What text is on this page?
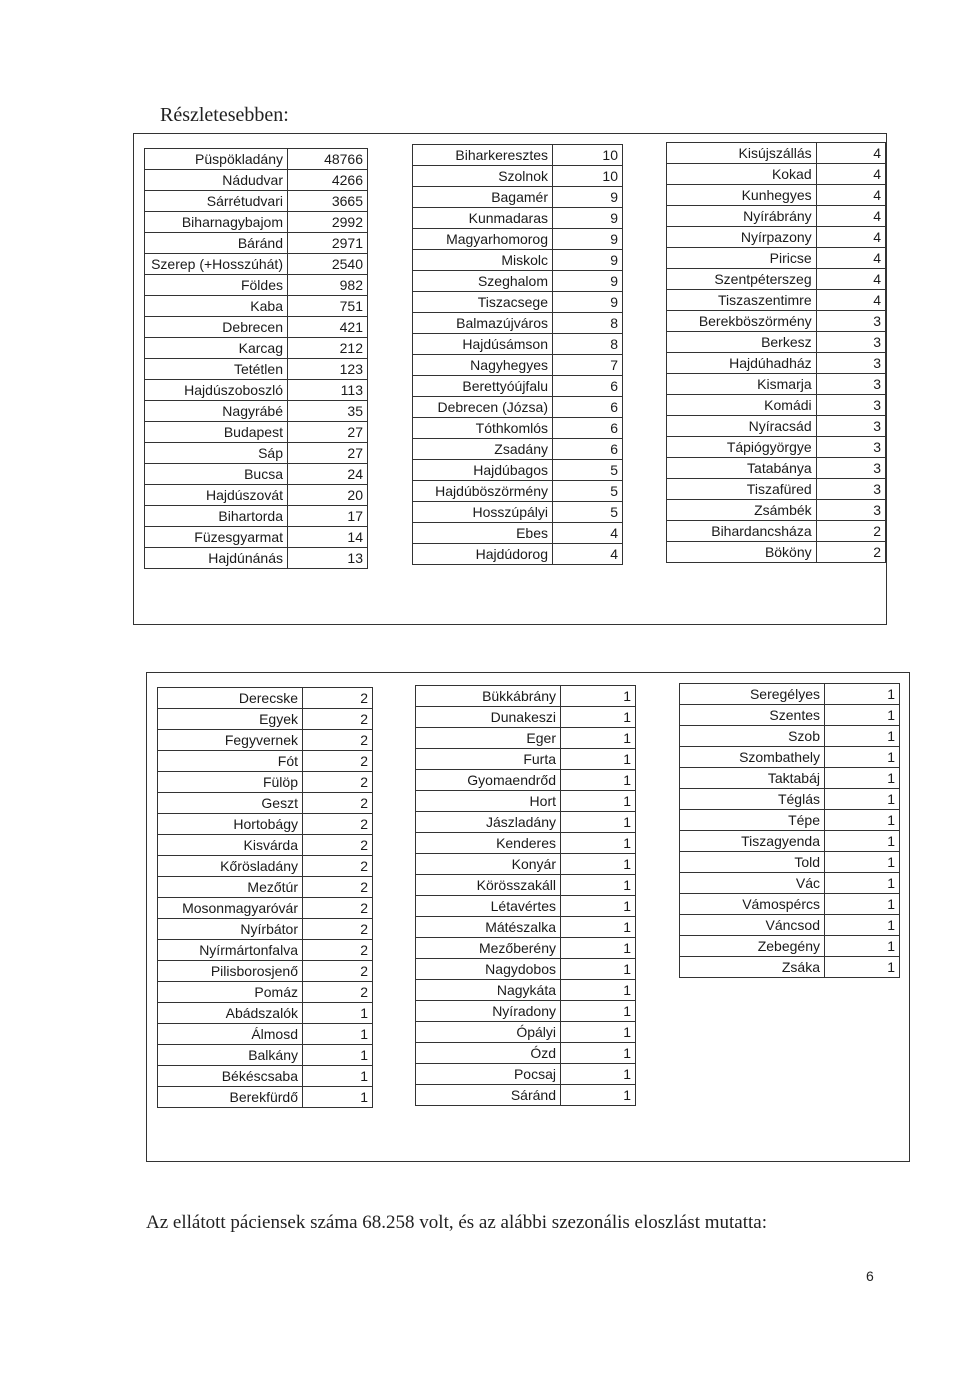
Részletesebben:
Püspökladány	48766
Nádudvar	4266
Sárrétudvari	3665
Biharnagybajom	2992
Báránd	2971
Szerep (+Hosszúhát)	2540
Földes	982
Kaba	751
Debrecen	421
Karcag	212
Tetétlen	123
Hajdúszoboszló	113
Nagyrábé	35
Budapest	27
Sáp	27
Bucsa	24
Hajdúszovát	20
Bihartorda	17
Füzesgyarmat	14
Hajdúnánás	13
Biharkeresztes	10
Szolnok	10
Bagamér	9
Kunmadaras	9
Magyarhomorog	9
Miskolc	9
Szeghalom	9
Tiszacsege	9
Balmazújváros	8
Hajdúsámson	8
Nagyhegyes	7
Berettyóújfalu	6
Debrecen (Józsa)	6
Tóthkomlós	6
Zsadány	6
Hajdúbagos	5
Hajdúböszörmény	5
Hosszúpályi	5
Ebes	4
Hajdúdorog	4
Kisújszállás	4
Kokad	4
Kunhegyes	4
Nyírábrány	4
Nyírpazony	4
Piricse	4
Szentpéterszeg	4
Tiszaszentimre	4
Berekböszörmény	3
Berkesz	3
Hajdúhadház	3
Kismarja	3
Komádi	3
Nyíracsád	3
Tápiógyörgye	3
Tatabánya	3
Tiszafüred	3
Zsámbék	3
Bihardancsháza	2
Bököny	2
Derecske	2
Egyek	2
Fegyvernek	2
Fót	2
Fülöp	2
Geszt	2
Hortobágy	2
Kisvárda	2
Kőrösladány	2
Mezőtúr	2
Mosonmagyaróvár	2
Nyírbátor	2
Nyírmártonfalva	2
Pilisborosjenő	2
Pomáz	2
Abádszalók	1
Álmosd	1
Balkány	1
Békéscsaba	1
Berekfürdő	1
Bükkábrány	1
Dunakeszi	1
Eger	1
Furta	1
Gyomaendrőd	1
Hort	1
Jászladány	1
Kenderes	1
Konyár	1
Körösszakáll	1
Létavértes	1
Mátészalka	1
Mezőberény	1
Nagydobos	1
Nagykáta	1
Nyíradony	1
Ópályi	1
Ózd	1
Pocsaj	1
Sáránd	1
Seregélyes	1
Szentes	1
Szob	1
Szombathely	1
Taktabáj	1
Téglás	1
Tépe	1
Tiszagyenda	1
Told	1
Vác	1
Vámospércs	1
Váncsod	1
Zebegény	1
Zsáka	1
Az ellátott páciensek száma 68.258 volt, és az alábbi szezonális eloszlást mutatta:
6
